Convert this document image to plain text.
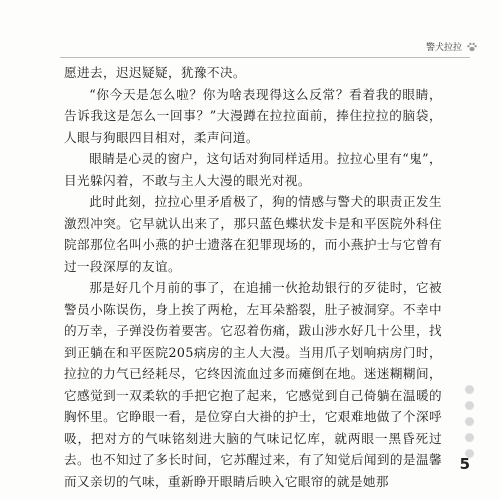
警犬拉拉

愿进去，迟迟疑疑，犹豫不决。

“你今天是怎么啦？你为啥表现得这么反常？看着我的眼睛，告诉我这是怎么一回事？”大漫蹲在拉拉面前，捧住拉拉的脑袋，人眼与狗眼四目相对，柔声问道。

眼睛是心灵的窗户，这句话对狗同样适用。拉拉心里有“鬼”，目光躲闪着，不敢与主人大漫的眼光对视。

此时此刻，拉拉心里矛盾极了，狗的情感与警犬的职责正发生激烈冲突。它早就认出来了，那只蓝色蝶状发卡是和平医院外科住院部那位名叫小燕的护士遗落在犯罪现场的，而小燕护士与它曾有过一段深厚的友谊。

那是好几个月前的事了，在追捕一伙抢劫银行的歹徒时，它被警员小陈误伤，身上挨了两枪，左耳朵豁裂，肚子被洞穿。不幸中的万幸，子弹没伤着要害。它忍着伤痛，跋山涉水好几十公里，找到正躺在和平医院205病房的主人大漫。当用爪子划响病房门时，拉拉的力气已经耗尽，它终因流血过多而瘫倒在地。迷迷糊糊间，它感觉到一双柔软的手把它抱了起来，它感觉到自己倚躺在温暖的胸怀里。它睁眼一看，是位穿白大褂的护士，它艰难地做了个深呼吸，把对方的气味铭刻进大脑的气味记忆库，就两眼一黑昏死过去。也不知过了多长时间，它苏醒过来，有了知觉后闻到的是温馨而又亲切的气味，重新睁开眼睛后映入它眼帘的就是她那

5
